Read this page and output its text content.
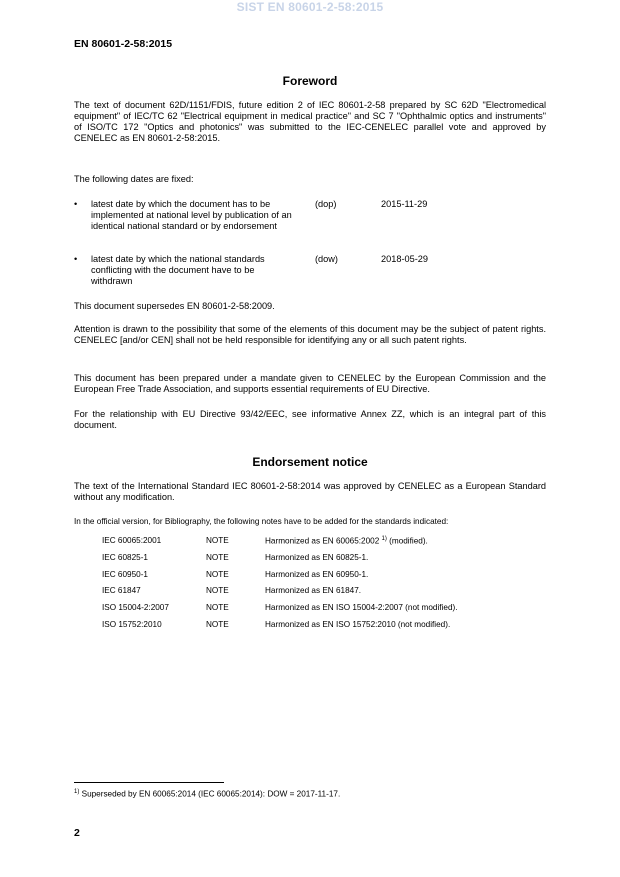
SIST EN 80601-2-58:2015
EN 80601-2-58:2015
Foreword
The text of document 62D/1151/FDIS, future edition 2 of IEC 80601-2-58 prepared by SC 62D "Electromedical equipment" of IEC/TC 62 "Electrical equipment in medical practice" and SC 7 "Ophthalmic optics and instruments" of ISO/TC 172 "Optics and photonics" was submitted to the IEC-CENELEC parallel vote and approved by CENELEC as EN 80601-2-58:2015.
The following dates are fixed:
• latest date by which the document has to be implemented at national level by publication of an identical national standard or by endorsement
(dop)	2015-11-29
• latest date by which the national standards conflicting with the document have to be withdrawn
(dow)	2018-05-29
This document supersedes EN 80601-2-58:2009.
Attention is drawn to the possibility that some of the elements of this document may be the subject of patent rights. CENELEC [and/or CEN] shall not be held responsible for identifying any or all such patent rights.
This document has been prepared under a mandate given to CENELEC by the European Commission and the European Free Trade Association, and supports essential requirements of EU Directive.
For the relationship with EU Directive 93/42/EEC, see informative Annex ZZ, which is an integral part of this document.
Endorsement notice
The text of the International Standard IEC 80601-2-58:2014 was approved by CENELEC as a European Standard without any modification.
In the official version, for Bibliography, the following notes have to be added for the standards indicated:
IEC 60065:2001	NOTE	Harmonized as EN 60065:2002 $^{1)}$ (modified).
IEC 60825-1	NOTE	Harmonized as EN 60825-1.
IEC 60950-1	NOTE	Harmonized as EN 60950-1.
IEC 61847	NOTE	Harmonized as EN 61847.
ISO 15004-2:2007	NOTE	Harmonized as EN ISO 15004-2:2007 (not modified).
ISO 15752:2010	NOTE	Harmonized as EN ISO 15752:2010 (not modified).
$^{1)}$ Superseded by EN 60065:2014 (IEC 60065:2014): DOW = 2017-11-17.
2
